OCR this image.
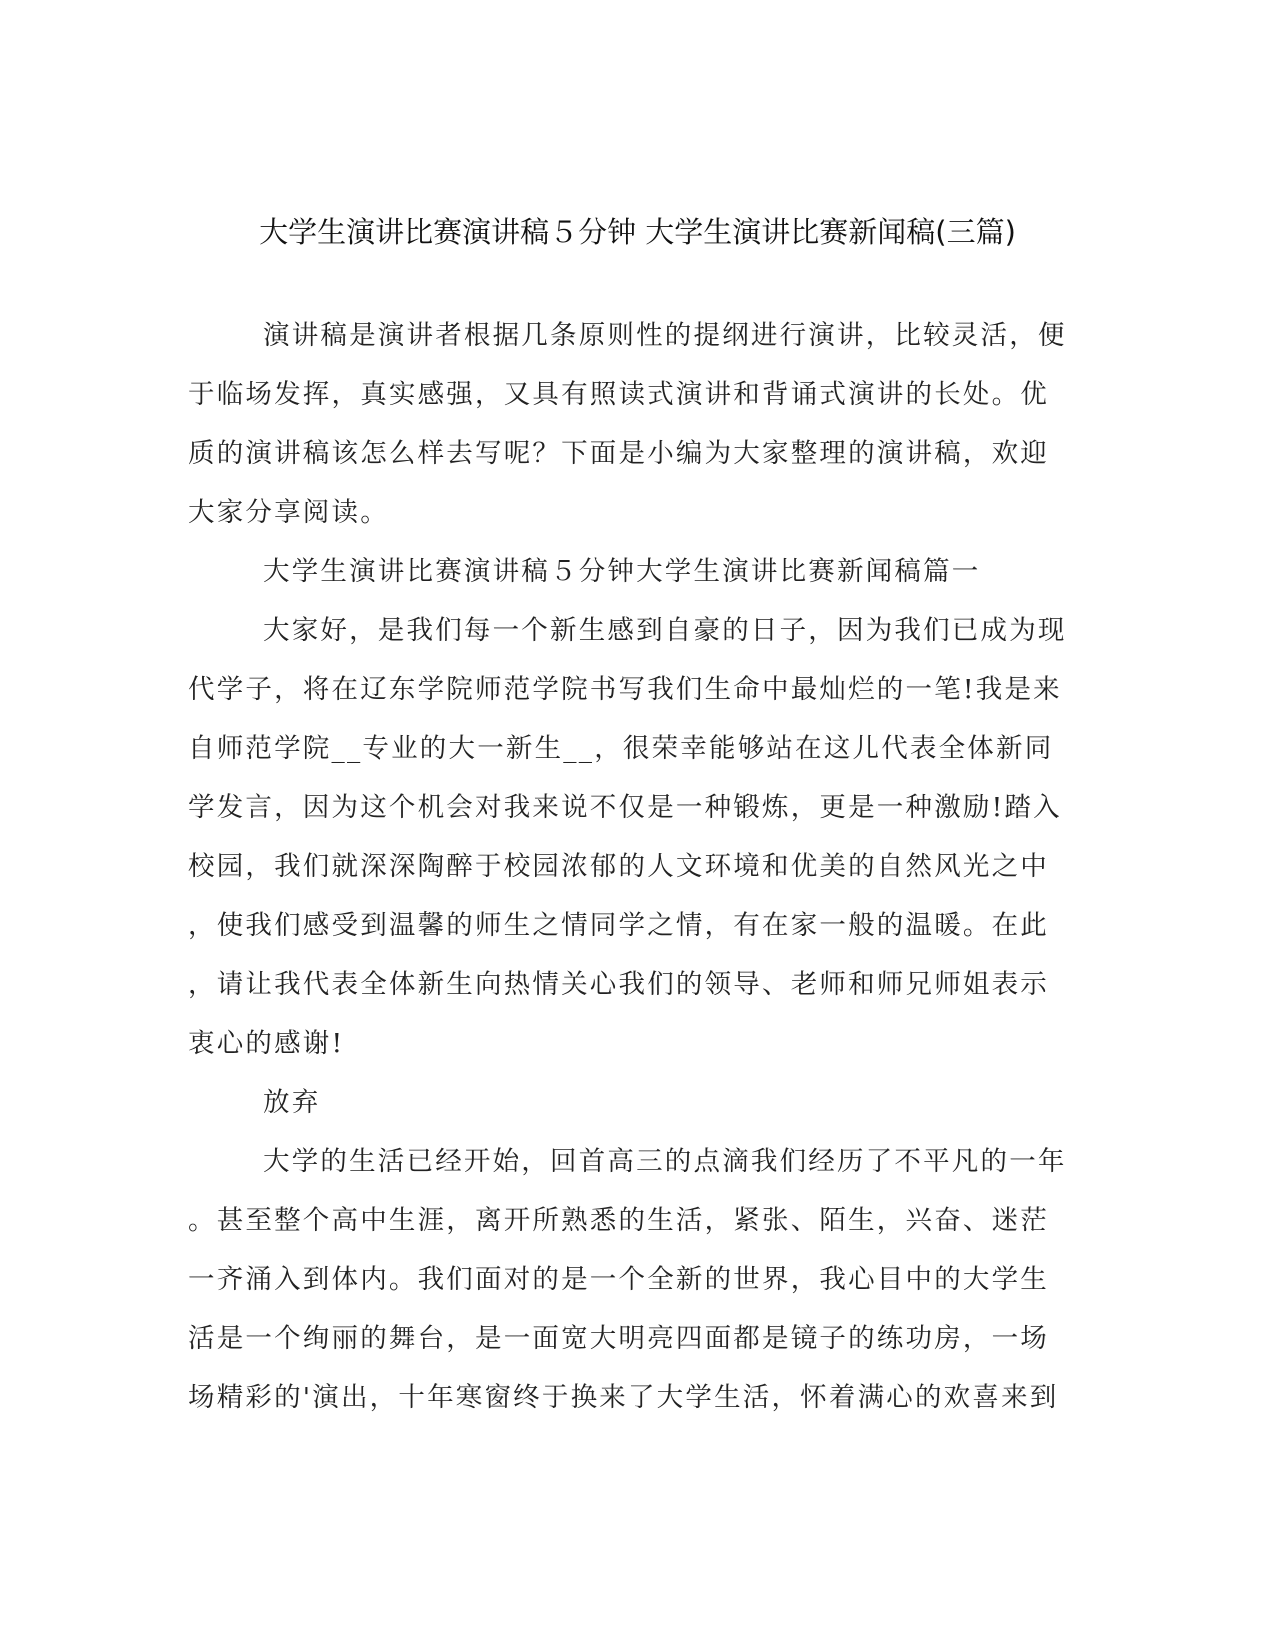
大学生演讲比赛演讲稿５分钟 大学生演讲比赛新闻稿(三篇)
演讲稿是演讲者根据几条原则性的提纲进行演讲，比较灵活，便
于临场发挥，真实感强，又具有照读式演讲和背诵式演讲的长处。优
质的演讲稿该怎么样去写呢？下面是小编为大家整理的演讲稿，欢迎
大家分享阅读。
大学生演讲比赛演讲稿５分钟大学生演讲比赛新闻稿篇一
大家好，是我们每一个新生感到自豪的日子，因为我们已成为现
代学子，将在辽东学院师范学院书写我们生命中最灿烂的一笔!我是来
自师范学院__专业的大一新生__，很荣幸能够站在这儿代表全体新同
学发言，因为这个机会对我来说不仅是一种锻炼，更是一种激励!踏入
校园，我们就深深陶醉于校园浓郁的人文环境和优美的自然风光之中
，使我们感受到温馨的师生之情同学之情，有在家一般的温暖。在此
，请让我代表全体新生向热情关心我们的领导、老师和师兄师姐表示
衷心的感谢!
放弃
大学的生活已经开始，回首高三的点滴我们经历了不平凡的一年
。甚至整个高中生涯，离开所熟悉的生活，紧张、陌生，兴奋、迷茫
一齐涌入到体内。我们面对的是一个全新的世界，我心目中的大学生
活是一个绚丽的舞台，是一面宽大明亮四面都是镜子的练功房，一场
场精彩的'演出，十年寒窗终于换来了大学生活，怀着满心的欢喜来到
